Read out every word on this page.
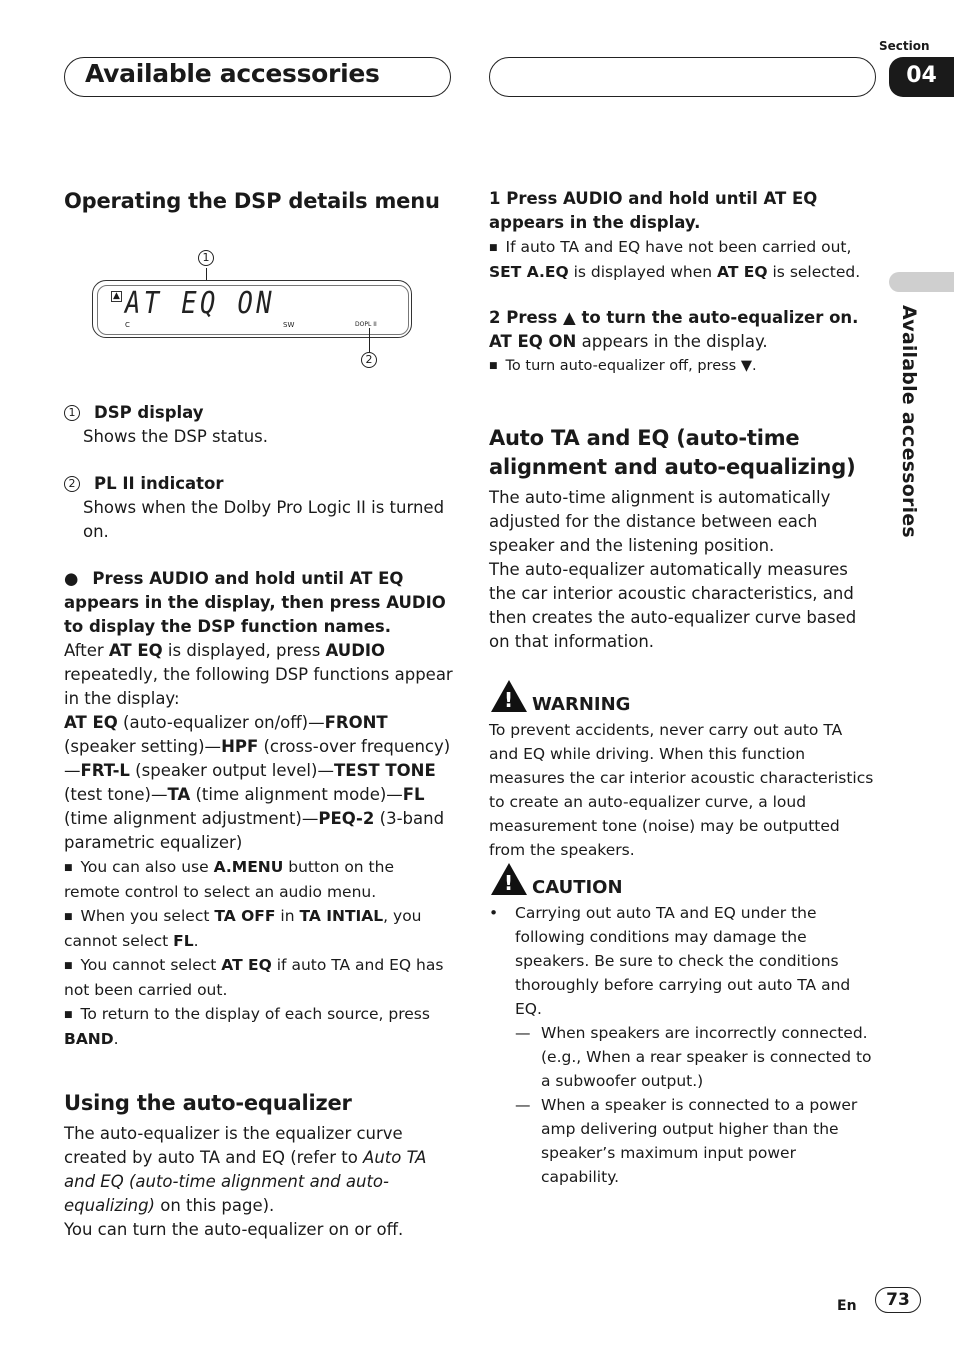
Available accessories
Section
04
Available accessories
Operating the DSP details menu
1
▲ AT EQ ON
C	SW	DOPL II
2

1 DSP display

Shows the DSP status.

2 PL II indicator

Shows when the Dolby Pro Logic II is turned on.

● Press AUDIO and hold until AT EQ appears in the display, then press AUDIO to display the DSP function names.

After AT EQ is displayed, press AUDIO repeatedly, the following DSP functions appear in the display:

AT EQ (auto-equalizer on/off)—FRONT (speaker setting)—HPF (cross-over frequency)—FRT-L (speaker output level)—TEST TONE (test tone)—TA (time alignment mode)—FL (time alignment adjustment)—PEQ-2 (3-band parametric equalizer)

■ You can also use A.MENU button on the remote control to select an audio menu.

■ When you select TA OFF in TA INTIAL, you cannot select FL.

■ You cannot select AT EQ if auto TA and EQ has not been carried out.

■ To return to the display of each source, press BAND.

Using the auto-equalizer

The auto-equalizer is the equalizer curve created by auto TA and EQ (refer to Auto TA and EQ (auto-time alignment and auto-equalizing) on this page).

You can turn the auto-equalizer on or off.

1 Press AUDIO and hold until AT EQ appears in the display.

■ If auto TA and EQ have not been carried out, SET A.EQ is displayed when AT EQ is selected.

2 Press ▲ to turn the auto-equalizer on.

AT EQ ON appears in the display.

■ To turn auto-equalizer off, press ▼.

Auto TA and EQ (auto-time alignment and auto-equalizing)

The auto-time alignment is automatically adjusted for the distance between each speaker and the listening position.

The auto-equalizer automatically measures the car interior acoustic characteristics, and then creates the auto-equalizer curve based on that information.

! WARNING

To prevent accidents, never carry out auto TA and EQ while driving. When this function measures the car interior acoustic characteristics to create an auto-equalizer curve, a loud measurement tone (noise) may be outputted from the speakers.

! CAUTION
•	Carrying out auto TA and EQ under the following conditions may damage the speakers. Be sure to check the conditions thoroughly before carrying out auto TA and EQ.
— When speakers are incorrectly connected. (e.g., When a rear speaker is connected to a subwoofer output.)
— When a speaker is connected to a power amp delivering output higher than the speaker’s maximum input power capability.
En	73
